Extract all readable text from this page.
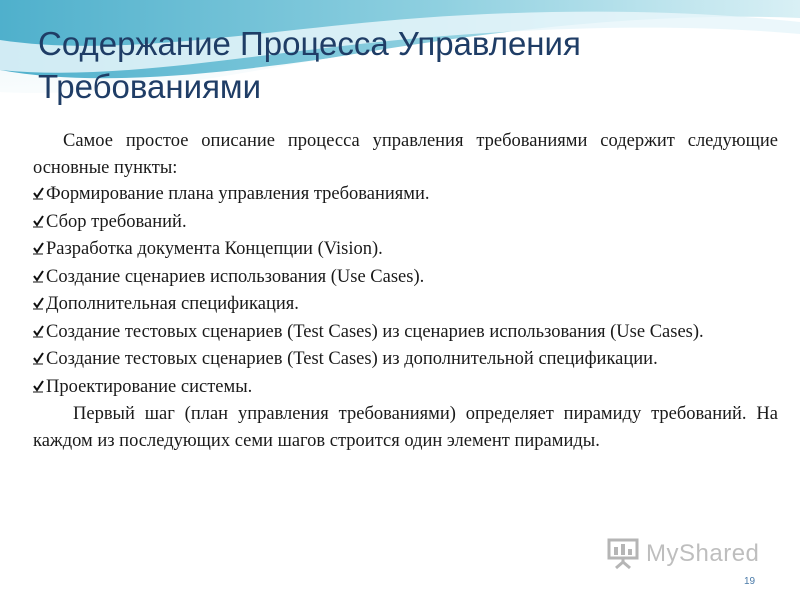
Содержание Процесса Управления
Требованиями

Самое простое описание процесса управления требованиями содержит следующие основные пункты:

Формирование плана управления требованиями.
Сбор требований.
Разработка документа Концепции (Vision).
Создание сценариев использования (Use Cases).
Дополнительная спецификация.
Создание тестовых сценариев (Test Cases) из сценариев использования (Use Cases).
Создание тестовых сценариев (Test Cases) из дополнительной спецификации.
Проектирование системы.

Первый шаг (план управления требованиями) определяет пирамиду требований. На каждом из последующих семи шагов строится один элемент пирамиды.

MyShared
19
